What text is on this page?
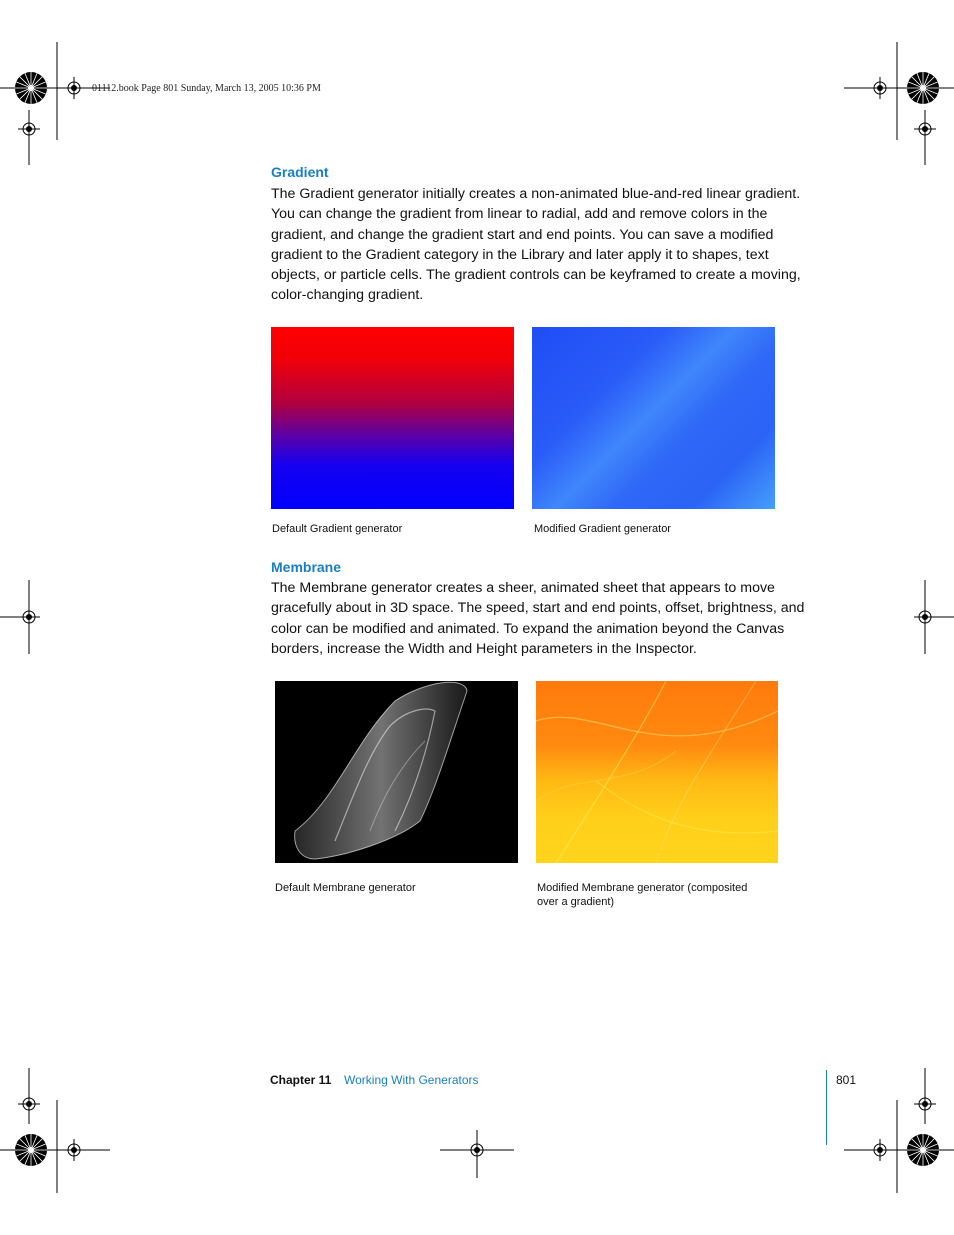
01112.book Page 801 Sunday, March 13, 2005 10:36 PM
Gradient
The Gradient generator initially creates a non-animated blue-and-red linear gradient. You can change the gradient from linear to radial, add and remove colors in the gradient, and change the gradient start and end points. You can save a modified gradient to the Gradient category in the Library and later apply it to shapes, text objects, or particle cells. The gradient controls can be keyframed to create a moving, color-changing gradient.
Default Gradient generator	Modified Gradient generator
Membrane
The Membrane generator creates a sheer, animated sheet that appears to move gracefully about in 3D space. The speed, start and end points, offset, brightness, and color can be modified and animated. To expand the animation beyond the Canvas borders, increase the Width and Height parameters in the Inspector.
Default Membrane generator	Modified Membrane generator (composited over a gradient)
Chapter 11 Working With Generators	801
